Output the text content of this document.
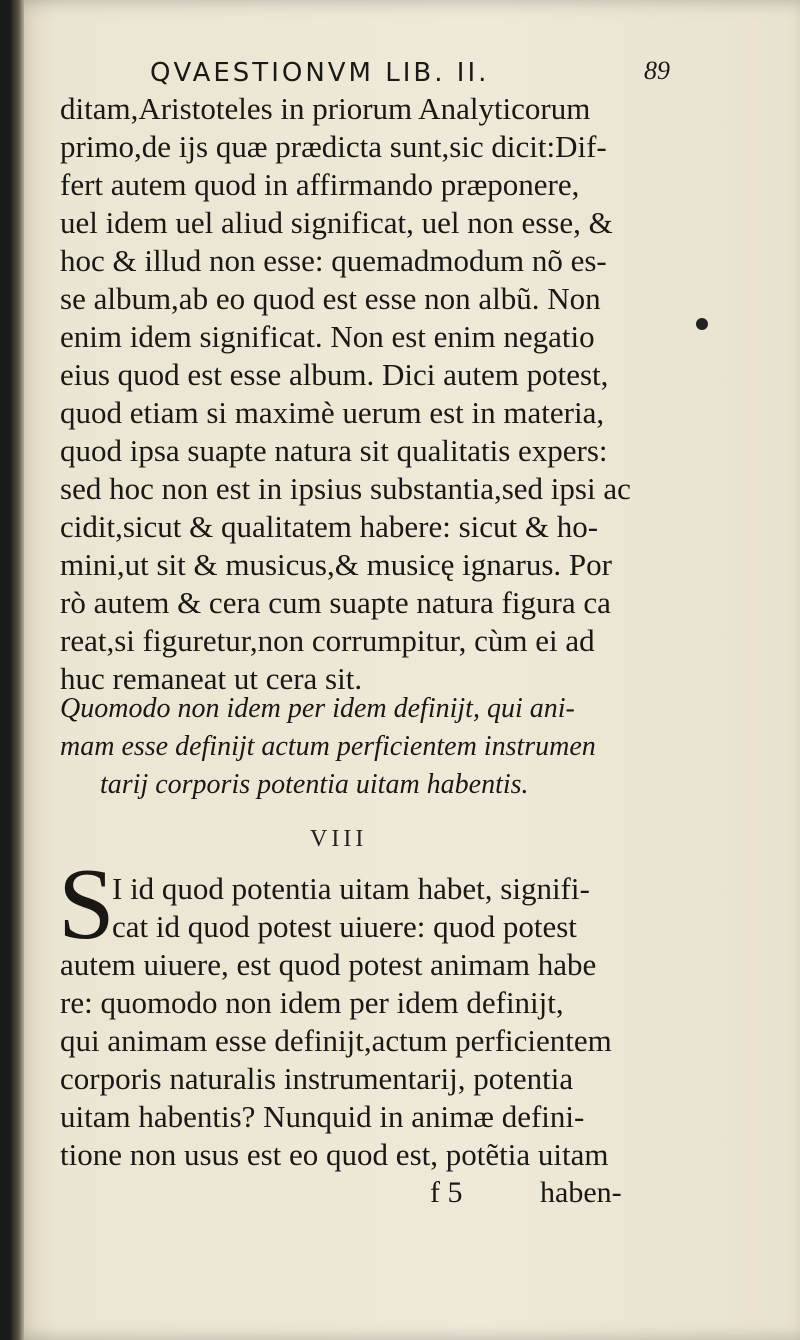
QVAESTIONVM LIB. II.	89
ditam,Aristoteles in priorum Analyticorum
primo,de ijs quæ prædicta sunt,sic dicit:Dif-
fert autem quod in affirmando præponere,
uel idem uel aliud significat, uel non esse, &
hoc & illud non esse: quemadmodum nõ es-
se album,ab eo quod est esse non albũ. Non
enim idem significat. Non est enim negatio
eius quod est esse album. Dici autem potest,
quod etiam si maximè uerum est in materia,
quod ipsa suapte natura sit qualitatis expers:
sed hoc non est in ipsius substantia,sed ipsi ac
cidit,sicut & qualitatem habere: sicut & ho-
mini,ut sit & musicus,& musicę ignarus. Por
rò autem & cera cum suapte natura figura ca
reat,si figuretur,non corrumpitur, cùm ei ad
huc remaneat ut cera sit.
Quomodo non idem per idem definijt, qui ani-
mam esse definijt actum perficientem instrumen
tarij corporis potentia uitam habentis.
VIII
S
I id quod potentia uitam habet, signifi-
cat id quod potest uiuere: quod potest
autem uiuere, est quod potest animam habe
re: quomodo non idem per idem definijt,
qui animam esse definijt,actum perficientem
corporis naturalis instrumentarij, potentia
uitam habentis? Nunquid in animæ defini-
tione non usus est eo quod est, potẽtia uitam
f 5	haben-
